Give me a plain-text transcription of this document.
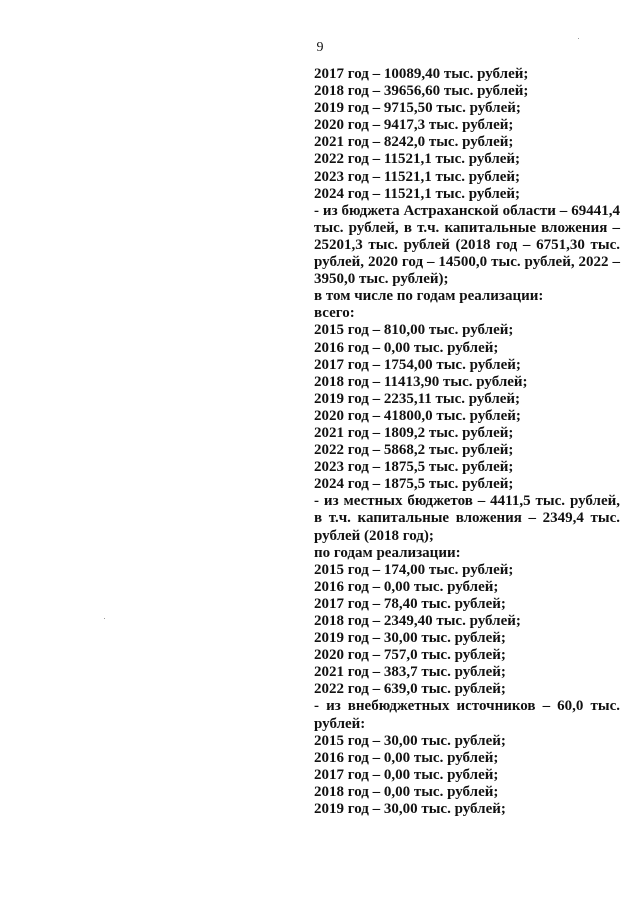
9
2017 год – 10089,40 тыс. рублей;
2018 год – 39656,60 тыс. рублей;
2019 год – 9715,50 тыс. рублей;
2020 год – 9417,3 тыс. рублей;
2021 год – 8242,0 тыс. рублей;
2022 год – 11521,1 тыс. рублей;
2023 год – 11521,1 тыс. рублей;
2024 год – 11521,1 тыс. рублей;
- из бюджета Астраханской области – 69441,4 тыс. рублей, в т.ч. капитальные вложения – 25201,3 тыс. рублей (2018 год – 6751,30 тыс. рублей, 2020 год – 14500,0 тыс. рублей, 2022 – 3950,0 тыс. рублей);
в том числе по годам реализации:
всего:
2015 год – 810,00 тыс. рублей;
2016 год – 0,00 тыс. рублей;
2017 год – 1754,00 тыс. рублей;
2018 год – 11413,90 тыс. рублей;
2019 год – 2235,11 тыс. рублей;
2020 год – 41800,0 тыс. рублей;
2021 год – 1809,2 тыс. рублей;
2022 год – 5868,2 тыс. рублей;
2023 год – 1875,5 тыс. рублей;
2024 год – 1875,5 тыс. рублей;
- из местных бюджетов – 4411,5 тыс. рублей, в т.ч. капитальные вложения – 2349,4 тыс. рублей (2018 год);
по годам реализации:
2015 год – 174,00 тыс. рублей;
2016 год – 0,00 тыс. рублей;
2017 год – 78,40 тыс. рублей;
2018 год – 2349,40 тыс. рублей;
2019 год – 30,00 тыс. рублей;
2020 год – 757,0 тыс. рублей;
2021 год – 383,7 тыс. рублей;
2022 год – 639,0 тыс. рублей;
- из внебюджетных источников – 60,0 тыс. рублей:
2015 год – 30,00 тыс. рублей;
2016 год – 0,00 тыс. рублей;
2017 год – 0,00 тыс. рублей;
2018 год – 0,00 тыс. рублей;
2019 год – 30,00 тыс. рублей;
